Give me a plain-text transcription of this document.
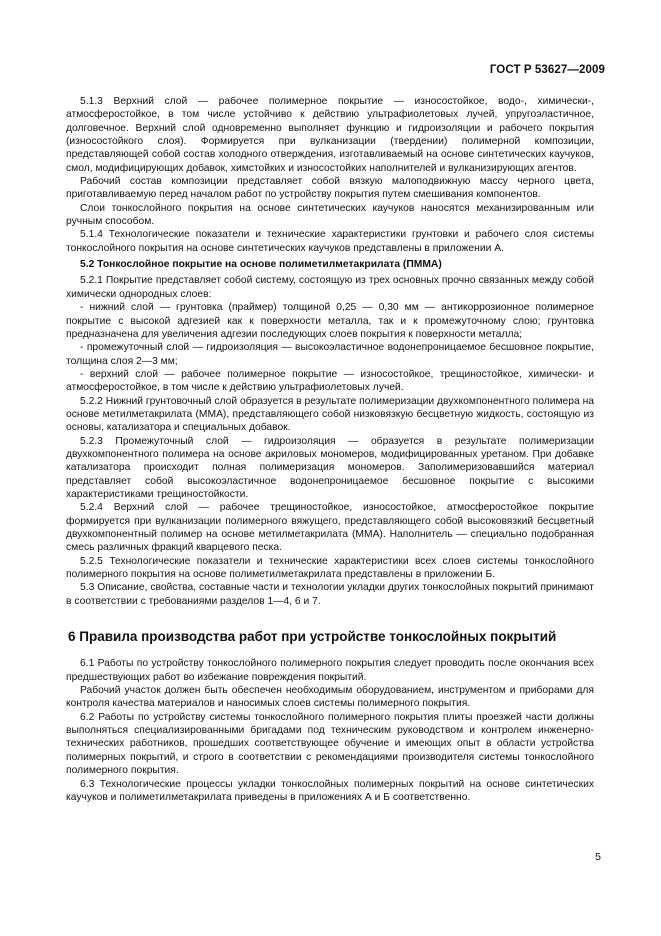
ГОСТ Р 53627—2009

5.1.3 Верхний слой — рабочее полимерное покрытие — износостойкое, водо-, химически-, атмосферостойкое, в том числе устойчиво к действию ультрафиолетовых лучей, упругоэластичное, долговечное. Верхний слой одновременно выполняет функцию и гидроизоляции и рабочего покрытия (износостойкого слоя). Формируется при вулканизации (твердении) полимерной композиции, представляющей собой состав холодного отверждения, изготавливаемый на основе синтетических каучуков, смол, модифицирующих добавок, химстойких и износостойких наполнителей и вулканизирующих агентов.

Рабочий состав композиции представляет собой вязкую малоподвижную массу черного цвета, приготавливаемую перед началом работ по устройству покрытия путем смешивания компонентов.

Слои тонкослойного покрытия на основе синтетических каучуков наносятся механизированным или ручным способом.

5.1.4 Технологические показатели и технические характеристики грунтовки и рабочего слоя системы тонкослойного покрытия на основе синтетических каучуков представлены в приложении А.

5.2 Тонкослойное покрытие на основе полиметилметакрилата (ПММА)

5.2.1 Покрытие представляет собой систему, состоящую из трех основных прочно связанных между собой химически однородных слоев:

- нижний слой — грунтовка (праймер) толщиной 0,25 — 0,30 мм — антикоррозионное полимерное покрытие с высокой адгезией как к поверхности металла, так и к промежуточному слою; грунтовка предназначена для увеличения адгезии последующих слоев покрытия к поверхности металла;

- промежуточный слой — гидроизоляция — высокоэластичное водонепроницаемое бесшовное покрытие, толщина слоя 2—3 мм;

- верхний слой — рабочее полимерное покрытие — износостойкое, трещиностойкое, химически- и атмосферостойкое, в том числе к действию ультрафиолетовых лучей.

5.2.2 Нижний грунтовочный слой образуется в результате полимеризации двухкомпонентного полимера на основе метилметакрилата (ММА), представляющего собой низковязкую бесцветную жидкость, состоящую из основы, катализатора и специальных добавок.

5.2.3 Промежуточный слой — гидроизоляция — образуется в результате полимеризации двухкомпонентного полимера на основе акриловых мономеров, модифицированных уретаном. При добавке катализатора происходит полная полимеризация мономеров. Заполимеризовавшийся материал представляет собой высокоэластичное водонепроницаемое бесшовное покрытие с высокими характеристиками трещиностойкости.

5.2.4 Верхний слой — рабочее трещиностойкое, износостойкое, атмосферостойкое покрытие формируется при вулканизации полимерного вяжущего, представляющего собой высоковязкий бесцветный двухкомпонентный полимер на основе метилметакрилата (ММА). Наполнитель — специально подобранная смесь различных фракций кварцевого песка.

5.2.5 Технологические показатели и технические характеристики всех слоев системы тонкослойного полимерного покрытия на основе полиметилметакрилата представлены в приложении Б.

5.3 Описание, свойства, составные части и технологии укладки других тонкослойных покрытий принимают в соответствии с требованиями разделов 1—4, 6 и 7.

6 Правила производства работ при устройстве тонкослойных покрытий

6.1 Работы по устройству тонкослойного полимерного покрытия следует проводить после окончания всех предшествующих работ во избежание повреждения покрытий.

Рабочий участок должен быть обеспечен необходимым оборудованием, инструментом и приборами для контроля качества материалов и наносимых слоев системы полимерного покрытия.

6.2 Работы по устройству системы тонкослойного полимерного покрытия плиты проезжей части должны выполняться специализированными бригадами под техническим руководством и контролем инженерно-технических работников, прошедших соответствующее обучение и имеющих опыт в области устройства полимерных покрытий, и строго в соответствии с рекомендациями производителя системы тонкослойного полимерного покрытия.

6.3 Технологические процессы укладки тонкослойных полимерных покрытий на основе синтетических каучуков и полиметилметакрилата приведены в приложениях А и Б соответственно.

5
